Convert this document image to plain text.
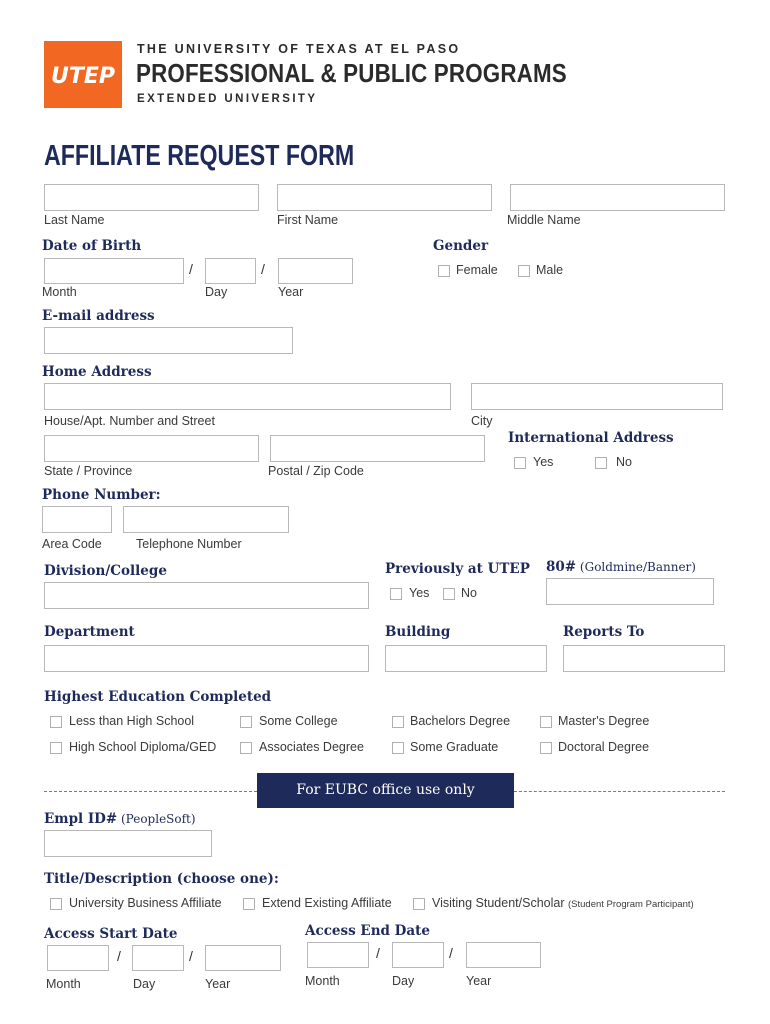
UTEP
THE UNIVERSITY OF TEXAS AT EL PASO
PROFESSIONAL & PUBLIC PROGRAMS
EXTENDED UNIVERSITY
AFFILIATE REQUEST FORM
Last Name	First Name	Middle Name
Date of Birth
/	/
Month	Day	Year
Gender
Female	Male
E-mail address
Home Address
House/Apt. Number and Street	City
State / Province	Postal / Zip Code
International Address
Yes	No
Phone Number:
Area Code	Telephone Number
Division/College	Previously at UTEP
Yes	No
80# (Goldmine/Banner)
Department	Building	Reports To
Highest Education Completed
Less than High School	Some College	Bachelors Degree	Master's Degree
High School Diploma/GED	Associates Degree	Some Graduate	Doctoral Degree
For EUBC office use only
Empl ID# (PeopleSoft)
Title/Description (choose one):
University Business Affiliate	Extend Existing Affiliate	Visiting Student/Scholar (Student Program Participant)
Access Start Date
/	/
Month	Day	Year
Access End Date
/	/
Month	Day	Year
